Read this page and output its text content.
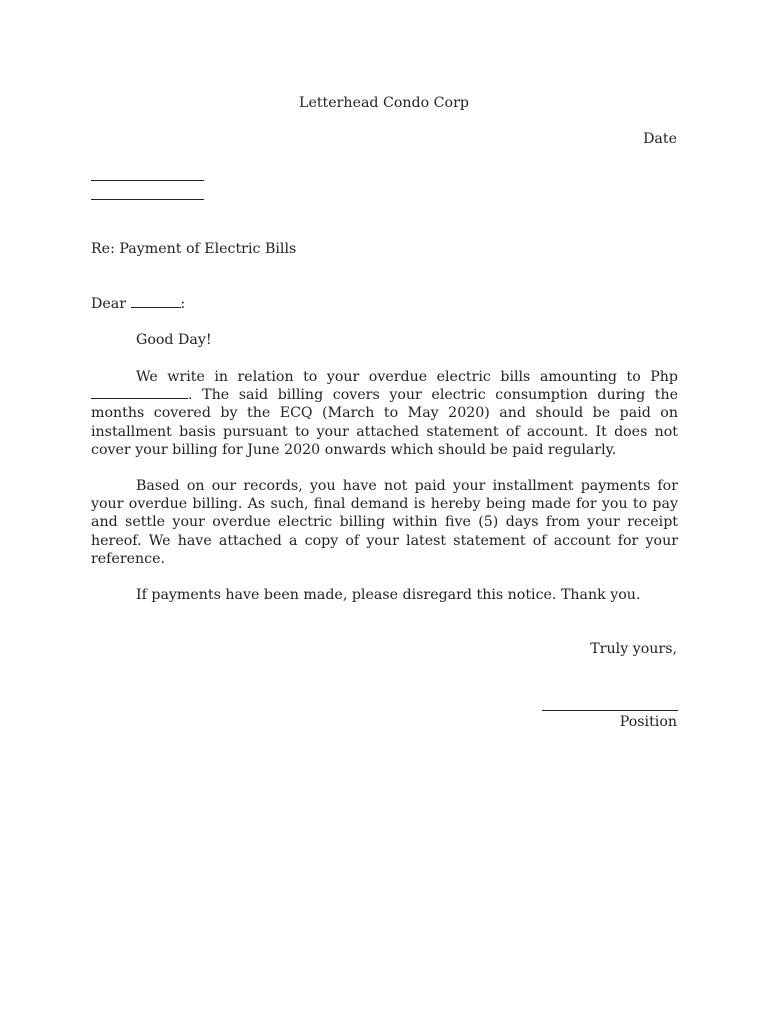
Letterhead Condo Corp
Date
Re: Payment of Electric Bills
Dear	:
Good Day!

We write in relation to your overdue electric bills amounting to Php . The said billing covers your electric consumption during the months covered by the ECQ (March to May 2020) and should be paid on installment basis pursuant to your attached statement of account. It does not cover your billing for June 2020 onwards which should be paid regularly.

Based on our records, you have not paid your installment payments for your overdue billing. As such, final demand is hereby being made for you to pay and settle your overdue electric billing within five (5) days from your receipt hereof. We have attached a copy of your latest statement of account for your reference.

If payments have been made, please disregard this notice. Thank you.

Truly yours,
Position
